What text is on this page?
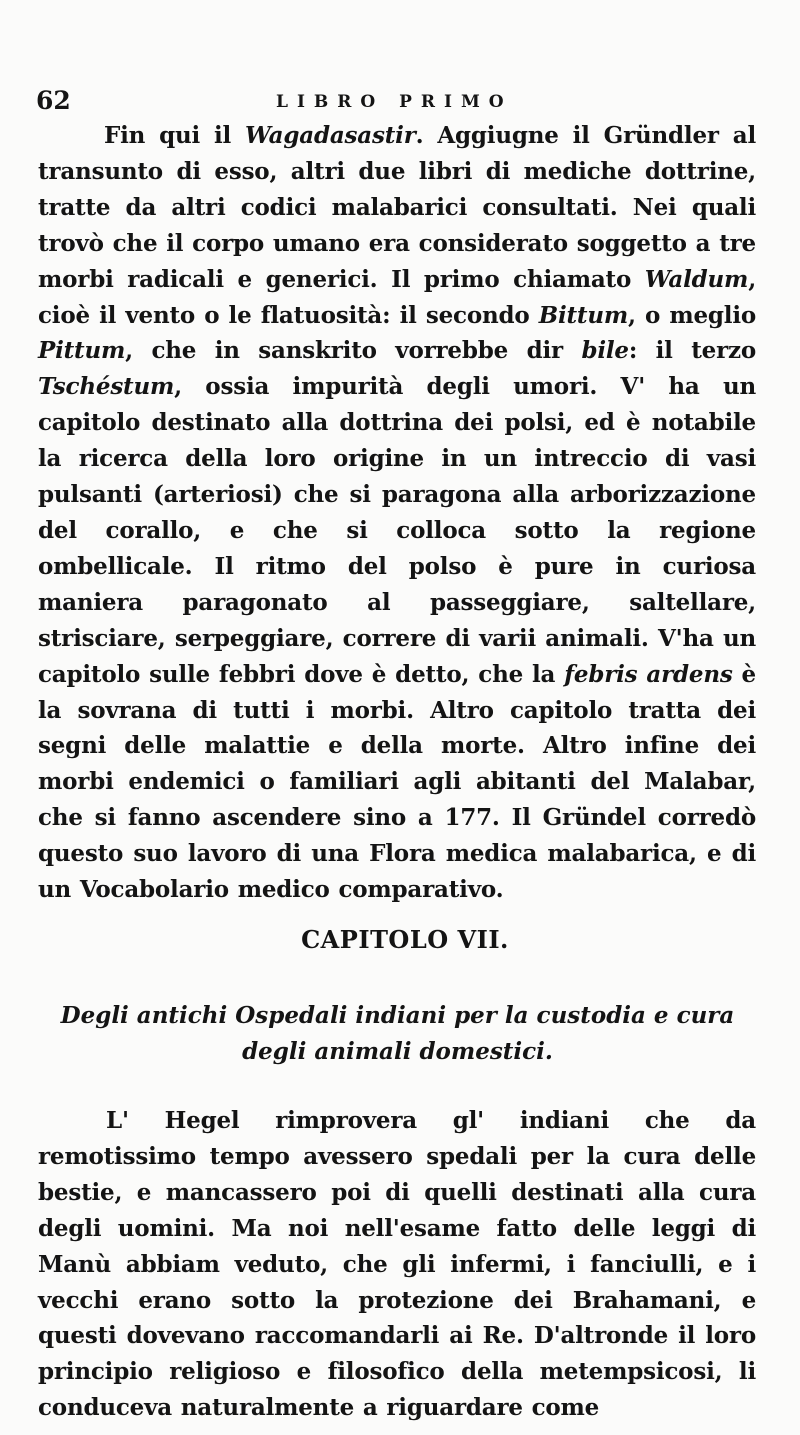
62	LIBRO PRIMO

Fin qui il Wagadasastir. Aggiugne il Gründler al transunto di esso, altri due libri di mediche dottrine, tratte da altri codici malabarici consultati. Nei quali trovò che il corpo umano era considerato soggetto a tre morbi radicali e generici. Il primo chiamato Waldum, cioè il vento o le flatuosità: il secondo Bittum, o meglio Pittum, che in sanskrito vorrebbe dir bile: il terzo Tschéstum, ossia impurità degli umori. V' ha un capitolo destinato alla dottrina dei polsi, ed è notabile la ricerca della loro origine in un intreccio di vasi pulsanti (arteriosi) che si paragona alla arborizzazione del corallo, e che si colloca sotto la regione ombellicale. Il ritmo del polso è pure in curiosa maniera paragonato al passeggiare, saltellare, strisciare, serpeggiare, correre di varii animali. V'ha un capitolo sulle febbri dove è detto, che la febris ardens è la sovrana di tutti i morbi. Altro capitolo tratta dei segni delle malattie e della morte. Altro infine dei morbi endemici o familiari agli abitanti del Malabar, che si fanno ascendere sino a 177. Il Gründel corredò questo suo lavoro di una Flora medica malabarica, e di un Vocabolario medico comparativo.

CAPITOLO VII.
Degli antichi Ospedali indiani per la custodia e cura
degli animali domestici.

L' Hegel rimprovera gl' indiani che da remotissimo tempo avessero spedali per la cura delle bestie, e mancassero poi di quelli destinati alla cura degli uomini. Ma noi nell'esame fatto delle leggi di Manù abbiam veduto, che gli infermi, i fanciulli, e i vecchi erano sotto la protezione dei Brahamani, e questi dovevano raccomandarli ai Re. D'altronde il loro principio religioso e filosofico della metempsicosi, li conduceva naturalmente a riguardare come
